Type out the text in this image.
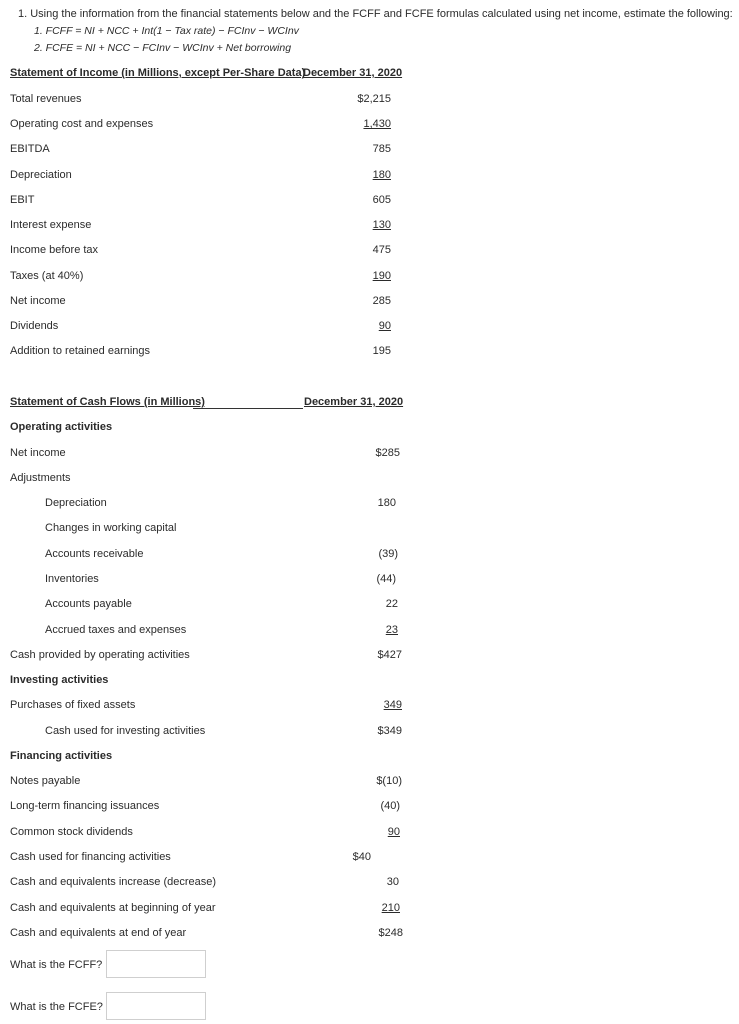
1. Using the information from the financial statements below and the FCFF and FCFE formulas calculated using net income, estimate the following:
1. FCFF = NI + NCC + Int(1 − Tax rate) − FCInv − WCInv
2. FCFE = NI + NCC − FCInv − WCInv + Net borrowing
Statement of Income (in Millions, except Per-Share Data)
December 31, 2020
Total revenues	$2,215
Operating cost and expenses	1,430
EBITDA	785
Depreciation	180
EBIT	605
Interest expense	130
Income before tax	475
Taxes (at 40%)	190
Net income	285
Dividends	90
Addition to retained earnings	195
Statement of Cash Flows (in Millions)	December 31, 2020
Operating activities
Net income	$285
Adjustments
Depreciation	180
Changes in working capital
Accounts receivable	(39)
Inventories	(44)
Accounts payable	22
Accrued taxes and expenses	23
Cash provided by operating activities	$427
Investing activities
Purchases of fixed assets	349
Cash used for investing activities	$349
Financing activities
Notes payable	$(10)
Long-term financing issuances	(40)
Common stock dividends	90
Cash used for financing activities	$40
Cash and equivalents increase (decrease)	30
Cash and equivalents at beginning of year	210
Cash and equivalents at end of year	$248
What is the FCFF?
What is the FCFE?
